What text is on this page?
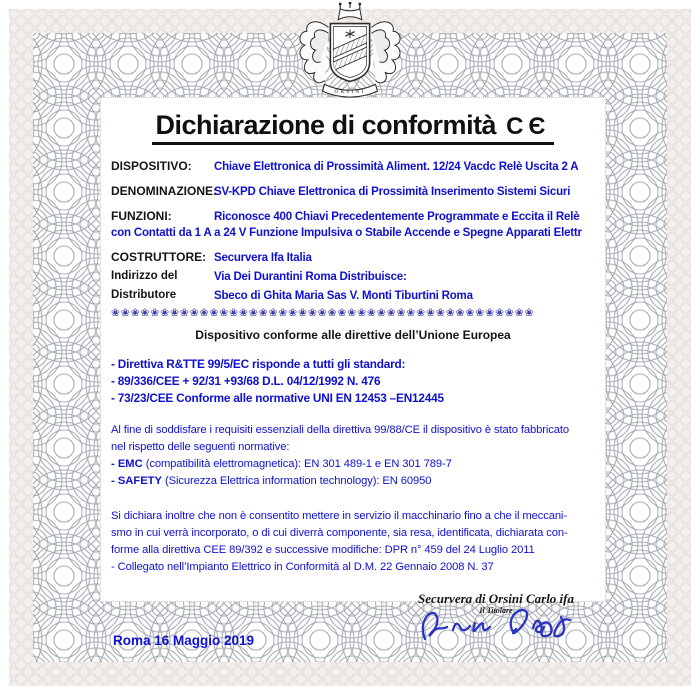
ORSINI
Dichiarazione di conformità CЄ
DISPOSITIVO:	Chiave Elettronica di Prossimità Aliment. 12/24 Vacdc Relè Uscita 2 A
DENOMINAZIONE:
SV-KPD Chiave Elettronica di Prossimità Inserimento Sistemi Sicuri
FUNZIONI:	Riconosce 400 Chiavi Precedentemente Programmate e Eccita il Relè
con Contatti da 1 A a 24 V Funzione Impulsiva o Stabile Accende e Spegne Apparati Elettr
COSTRUTTORE: Securvera Ifa Italia
Indirizzo del	Via Dei Durantini Roma Distribuisce:
Distributore	Sbeco di Ghita Maria Sas V. Monti Tiburtini Roma
❀❀❀❀❀❀❀❀❀❀❀❀❀❀❀❀❀❀❀❀❀❀❀❀❀❀❀❀❀❀❀❀❀❀❀❀❀❀❀❀❀❀❀
Dispositivo conforme alle direttive dell’Unione Europea
- Direttiva R&TTE 99/5/EC risponde a tutti gli standard:
- 89/336/CEE + 92/31 +93/68 D.L. 04/12/1992 N. 476
- 73/23/CEE Conforme alle normative UNI EN 12453 –EN12445
Al fine di soddisfare i requisiti essenziali della direttiva 99/88/CE il dispositivo è stato fabbricato
nel rispetto delle seguenti normative:
- EMC (compatibilità elettromagnetica): EN 301 489-1 e EN 301 789-7
- SAFETY (Sicurezza Elettrica information technology): EN 60950
Si dichiara inoltre che non è consentito mettere in servizio il macchinario fino a che il meccani-
smo in cui verrà incorporato, o di cui diverrà componente, sia resa, identificata, dichiarata con-
forme alla direttiva CEE 89/392 e successive modifiche: DPR n° 459 del 24 Luglio 2011
- Collegato nell’Impianto Elettrico in Conformità al D.M. 22 Gennaio 2008 N. 37
Roma 16 Maggio 2019
Securvera di Orsini Carlo ifa
Il Titolare
